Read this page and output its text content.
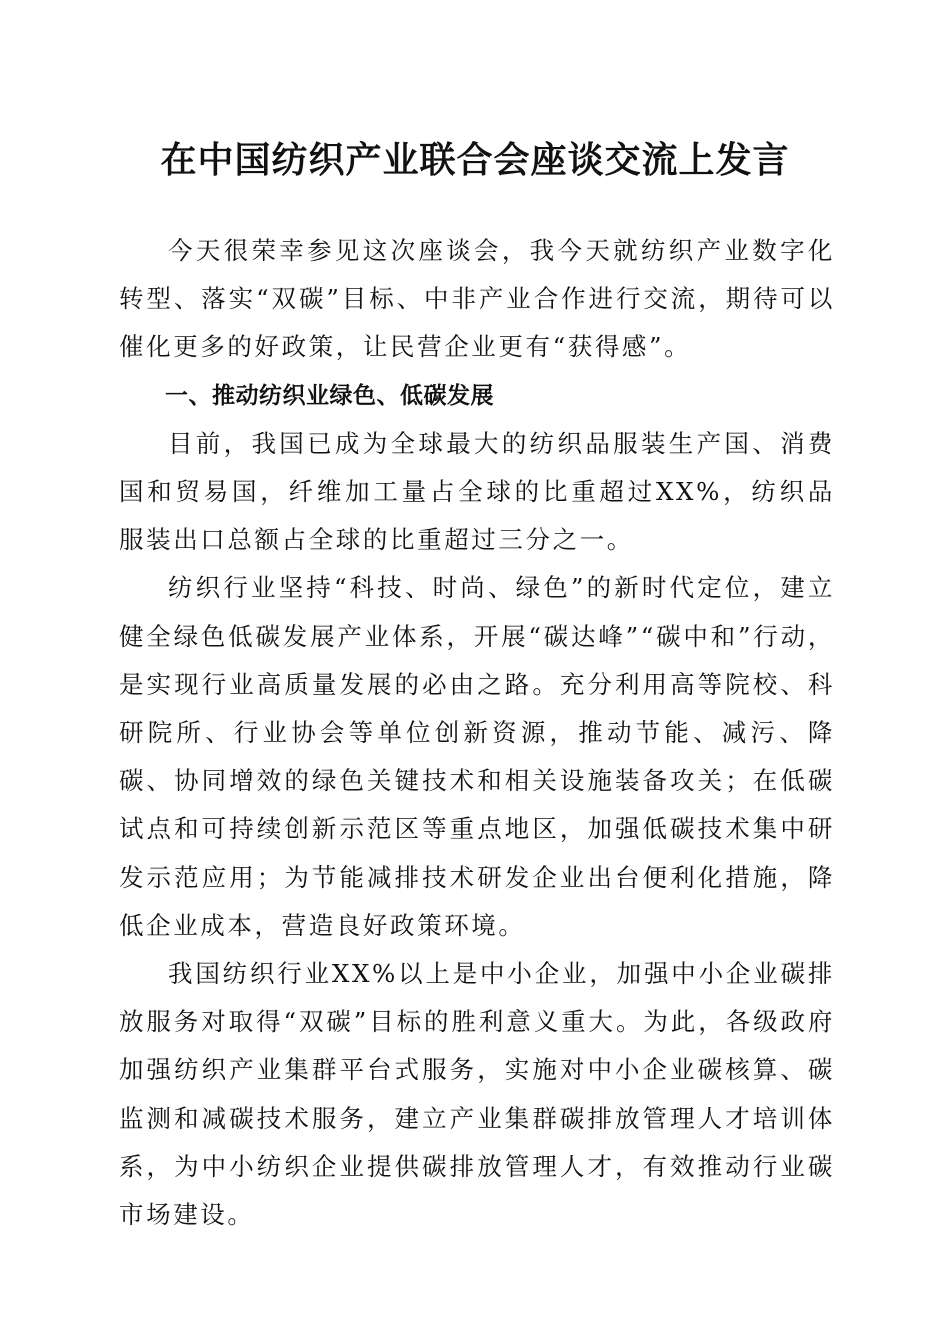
在中国纺织产业联合会座谈交流上发言

今天很荣幸参见这次座谈会，我今天就纺织产业数字化转型、落实“双碳”目标、中非产业合作进行交流，期待可以催化更多的好政策，让民营企业更有“获得感”。

一、推动纺织业绿色、低碳发展

目前，我国已成为全球最大的纺织品服装生产国、消费国和贸易国，纤维加工量占全球的比重超过XX%，纺织品服装出口总额占全球的比重超过三分之一。

纺织行业坚持“科技、时尚、绿色”的新时代定位，建立健全绿色低碳发展产业体系，开展“碳达峰”“碳中和”行动，是实现行业高质量发展的必由之路。充分利用高等院校、科研院所、行业协会等单位创新资源，推动节能、减污、降碳、协同增效的绿色关键技术和相关设施装备攻关；在低碳试点和可持续创新示范区等重点地区，加强低碳技术集中研发示范应用；为节能减排技术研发企业出台便利化措施，降低企业成本，营造良好政策环境。

我国纺织行业XX%以上是中小企业，加强中小企业碳排放服务对取得“双碳”目标的胜利意义重大。为此，各级政府加强纺织产业集群平台式服务，实施对中小企业碳核算、碳监测和减碳技术服务，建立产业集群碳排放管理人才培训体系，为中小纺织企业提供碳排放管理人才，有效推动行业碳市场建设。
